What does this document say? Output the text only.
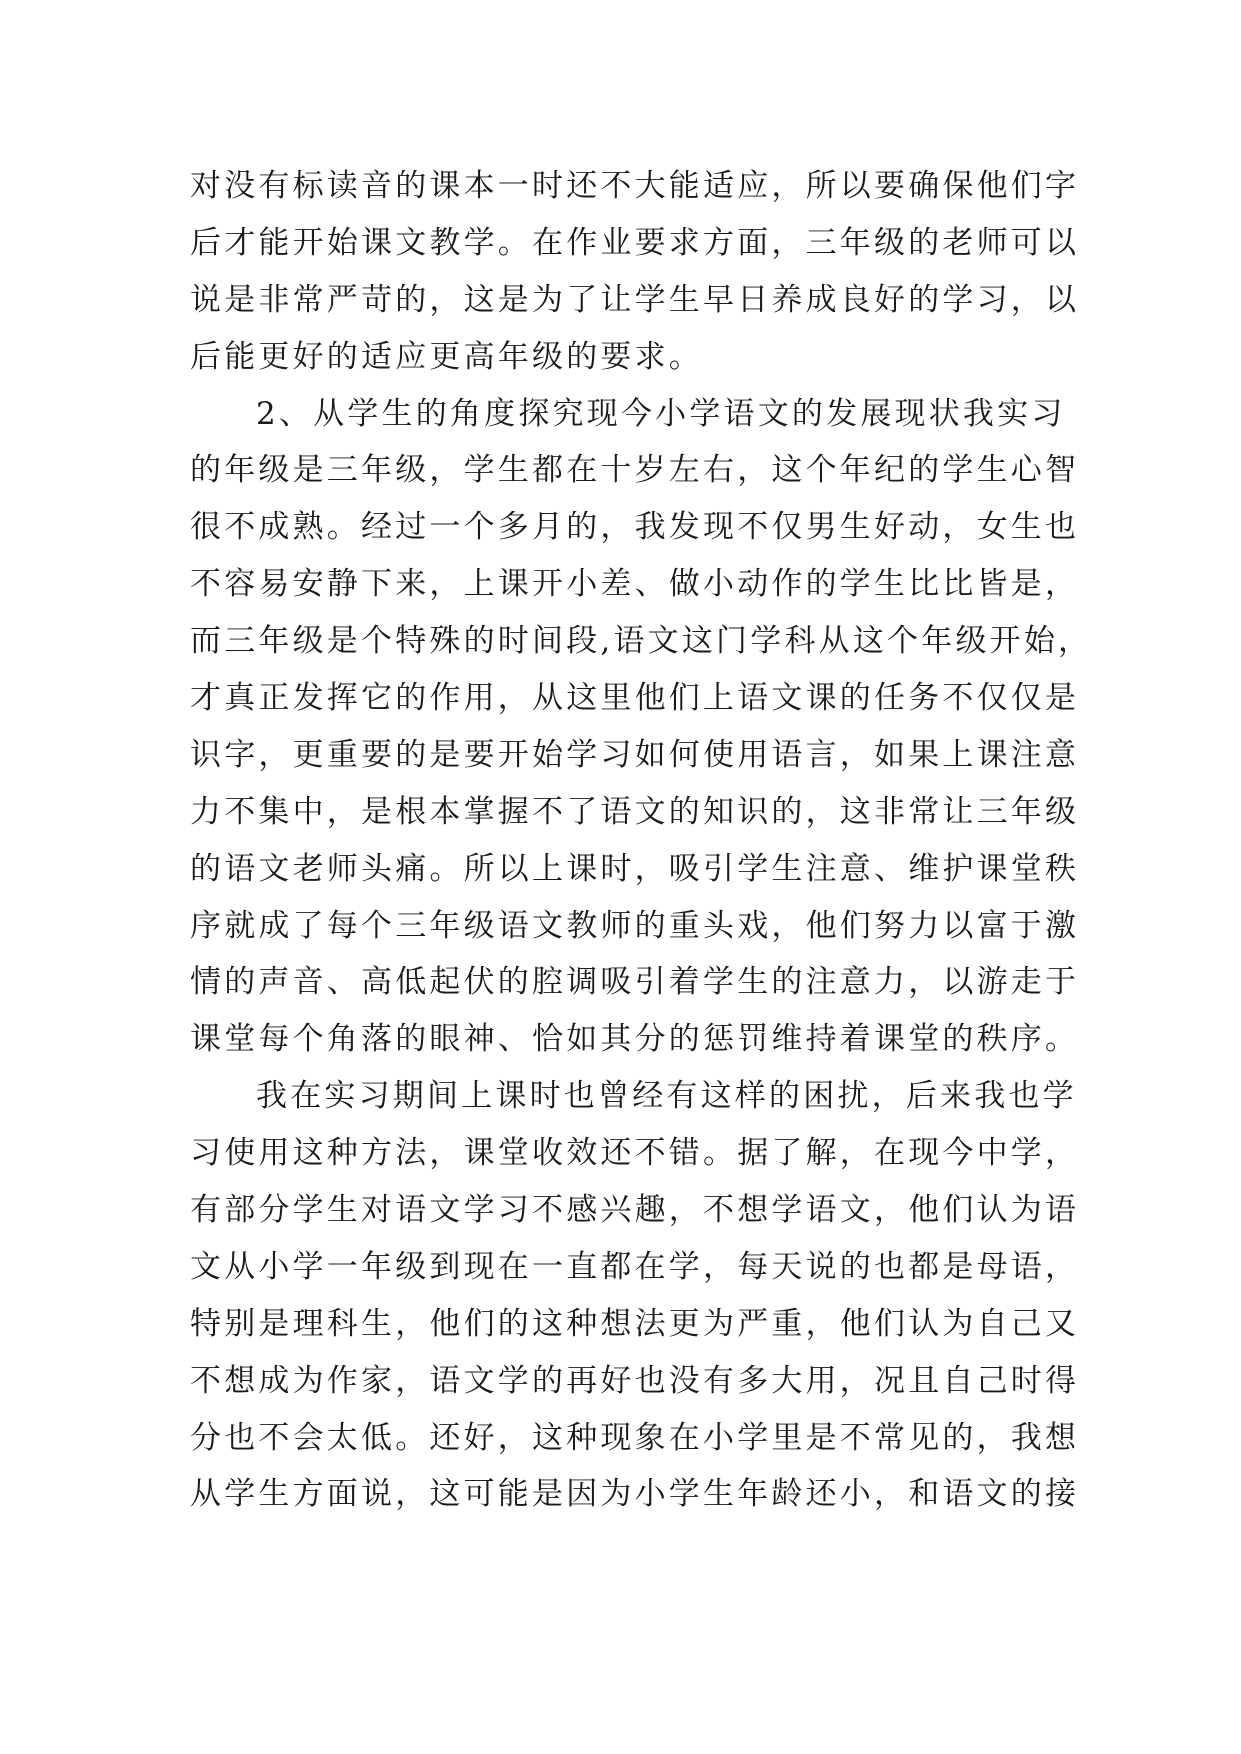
对没有标读音的课本一时还不大能适应，所以要确保他们字
后才能开始课文教学。在作业要求方面，三年级的老师可以
说是非常严苛的，这是为了让学生早日养成良好的学习，以
后能更好的适应更高年级的要求。
2、从学生的角度探究现今小学语文的发展现状我实习
的年级是三年级，学生都在十岁左右，这个年纪的学生心智
很不成熟。经过一个多月的，我发现不仅男生好动，女生也
不容易安静下来，上课开小差、做小动作的学生比比皆是，
而三年级是个特殊的时间段,语文这门学科从这个年级开始，
才真正发挥它的作用，从这里他们上语文课的任务不仅仅是
识字，更重要的是要开始学习如何使用语言，如果上课注意
力不集中，是根本掌握不了语文的知识的，这非常让三年级
的语文老师头痛。所以上课时，吸引学生注意、维护课堂秩
序就成了每个三年级语文教师的重头戏，他们努力以富于激
情的声音、高低起伏的腔调吸引着学生的注意力，以游走于
课堂每个角落的眼神、恰如其分的惩罚维持着课堂的秩序。
我在实习期间上课时也曾经有这样的困扰，后来我也学
习使用这种方法，课堂收效还不错。据了解，在现今中学，
有部分学生对语文学习不感兴趣，不想学语文，他们认为语
文从小学一年级到现在一直都在学，每天说的也都是母语，
特别是理科生，他们的这种想法更为严重，他们认为自己又
不想成为作家，语文学的再好也没有多大用，况且自己时得
分也不会太低。还好，这种现象在小学里是不常见的，我想
从学生方面说，这可能是因为小学生年龄还小，和语文的接
